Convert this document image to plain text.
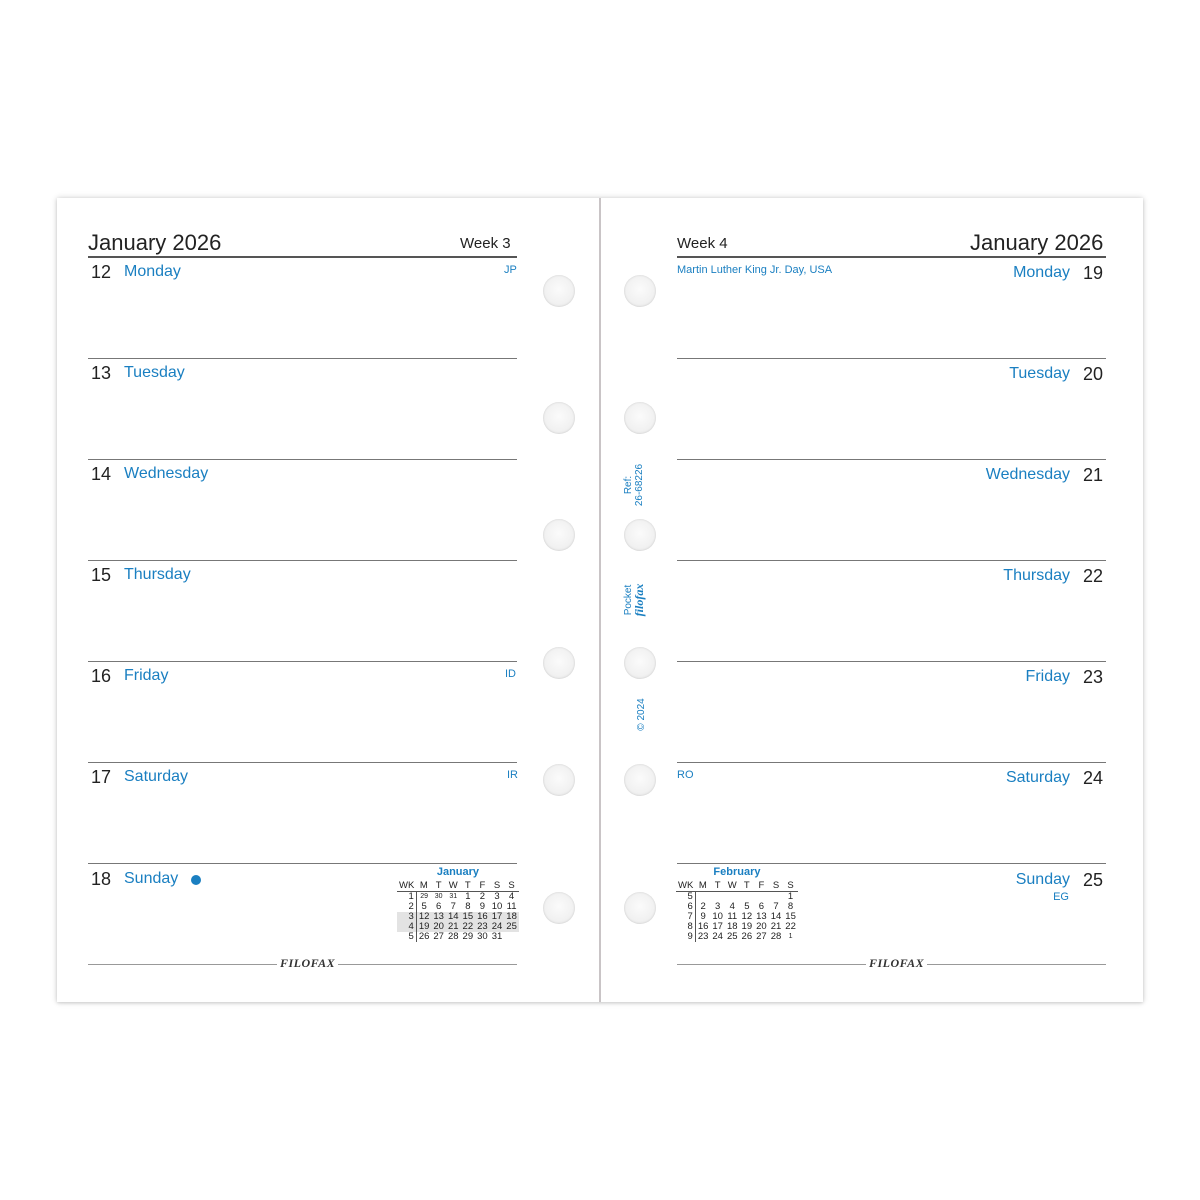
January 2026	Week 3
12 Monday	JP
13 Tuesday
14 Wednesday
15 Thursday
16 Friday	ID
17 Saturday	IR
18 Sunday	January
WK	M	T	W	T	F	S	S
1	29	30	31	1	2	3	4
2	5	6	7	8	9	10	11
3	12	13	14	15	16	17	18
4	19	20	21	22	23	24	25
5	26	27	28	29	30	31	
FILOFAX
Ref: 26-68226
Pocket
filofax
© 2024
Week 4	January 2026
Martin Luther King Jr. Day, USA	Monday 19
Tuesday 20
Wednesday 21
Thursday 22
Friday 23
RO	Saturday 24
Sunday 25
EG
February
WK	M	T	W	T	F	S	S
5							1
6	2	3	4	5	6	7	8
7	9	10	11	12	13	14	15
8	16	17	18	19	20	21	22
9	23	24	25	26	27	28	1
FILOFAX
